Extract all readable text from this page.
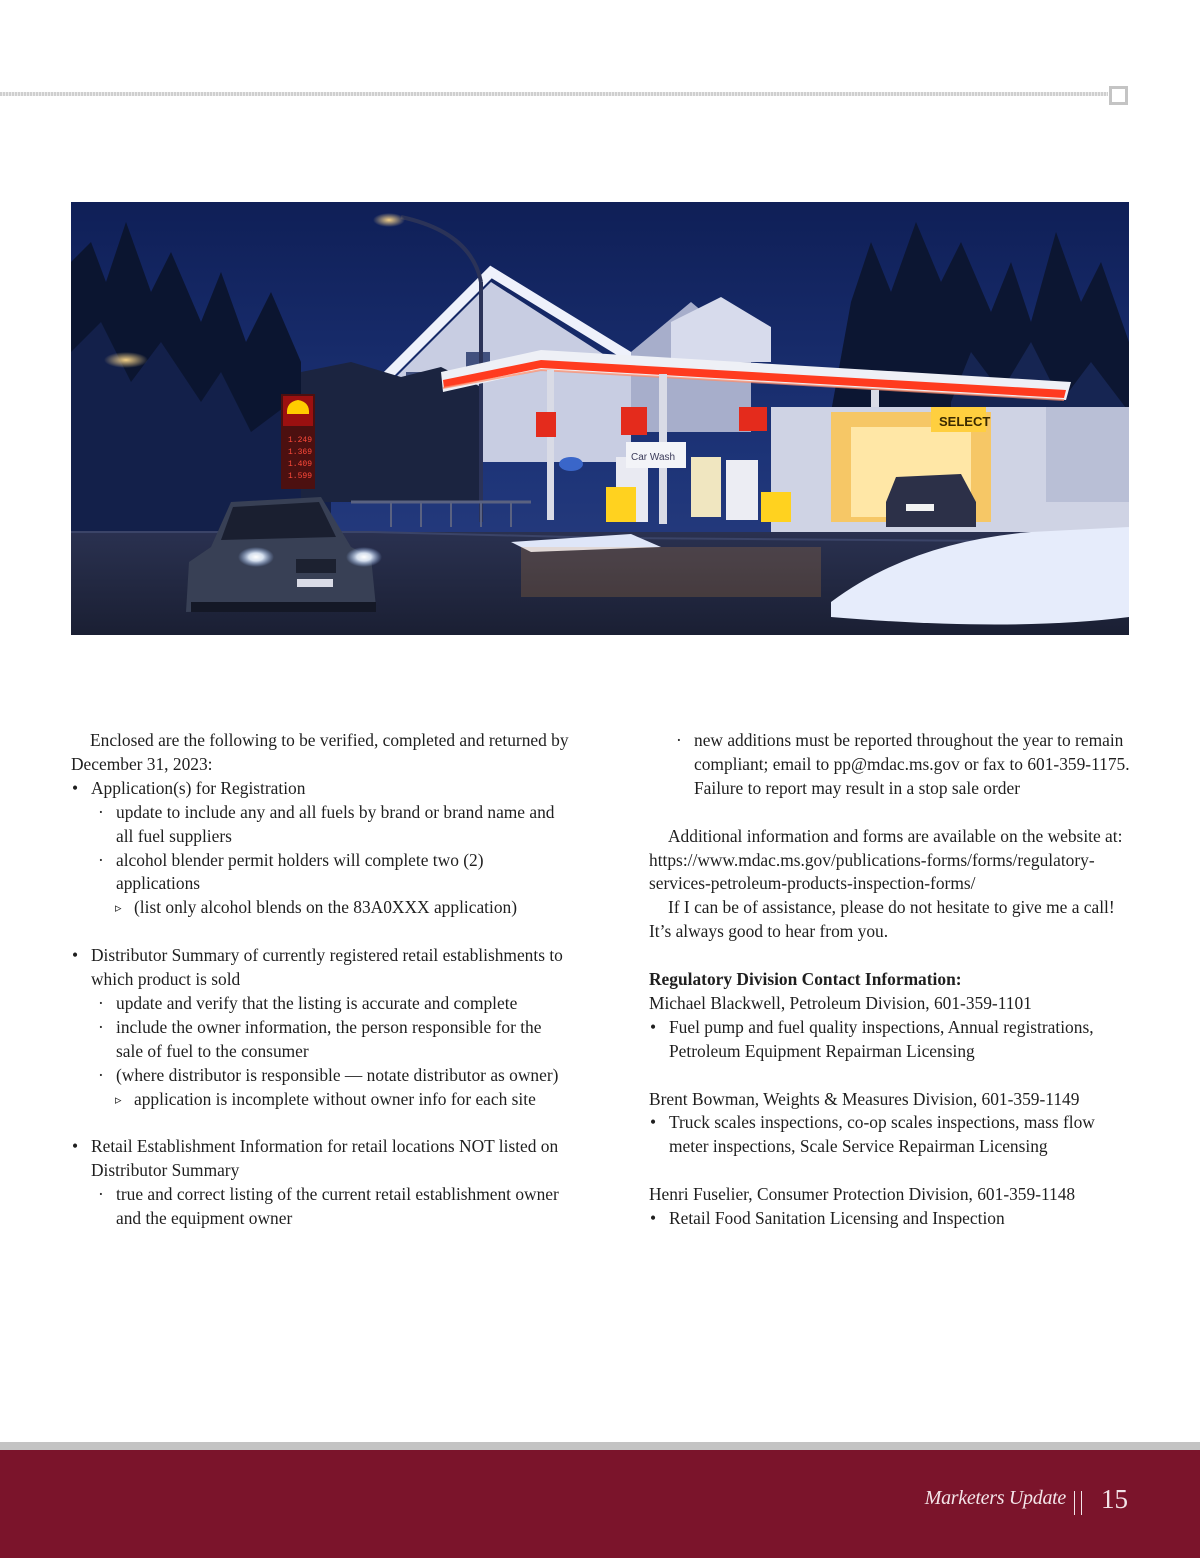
SELECT
Car Wash
1.249
1.369
1.409
1.599

Enclosed are the following to be verified, completed and returned by December 31, 2023:

• Application(s) for Registration
· update to include any and all fuels by brand or brand name and all fuel suppliers
· alcohol blender permit holders will complete two (2) applications
▹ (list only alcohol blends on the 83A0XXX application)
• Distributor Summary of currently registered retail establishments to which product is sold
· update and verify that the listing is accurate and complete
· include the owner information, the person responsible for the sale of fuel to the consumer
· (where distributor is responsible — notate distributor as owner)
▹ application is incomplete without owner info for each site
• Retail Establishment Information for retail locations NOT listed on Distributor Summary
· true and correct listing of the current retail establishment owner and the equipment owner
· new additions must be reported throughout the year to remain compliant; email to pp@mdac.ms.gov or fax to 601-359-1175. Failure to report may result in a stop sale order

Additional information and forms are available on the website at: https://www.mdac.ms.gov/publications-forms/forms/regulatory-services-petroleum-products-inspection-forms/

If I can be of assistance, please do not hesitate to give me a call! It’s always good to hear from you.

Regulatory Division Contact Information:

Michael Blackwell, Petroleum Division, 601-359-1101

• Fuel pump and fuel quality inspections, Annual registrations, Petroleum Equipment Repairman Licensing

Brent Bowman, Weights & Measures Division, 601-359-1149

• Truck scales inspections, co-op scales inspections, mass flow meter inspections, Scale Service Repairman Licensing

Henri Fuselier, Consumer Protection Division, 601-359-1148

• Retail Food Sanitation Licensing and Inspection
Marketers Update 15
